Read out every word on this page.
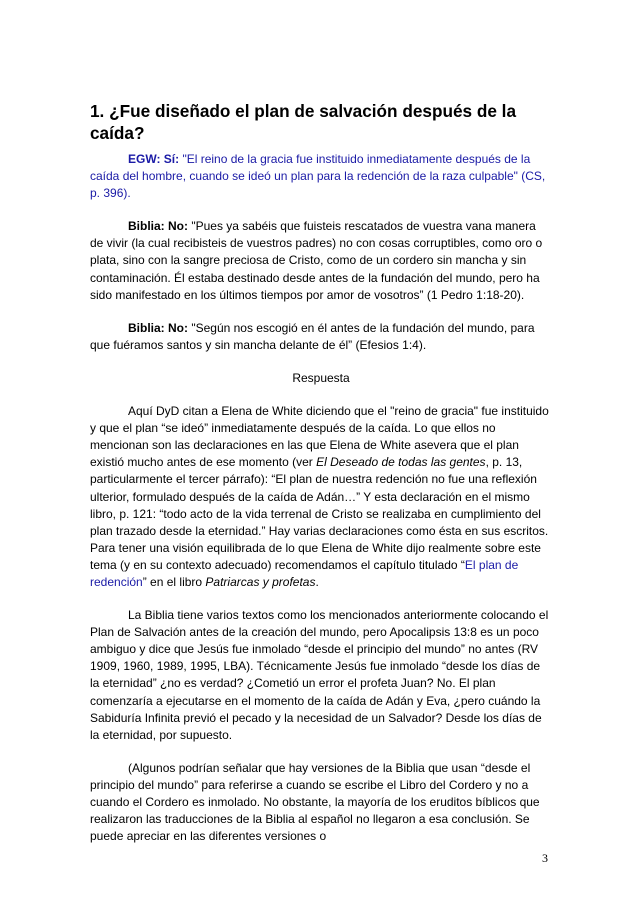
1. ¿Fue diseñado el plan de salvación después de la caída?

EGW: Sí: "El reino de la gracia fue instituido inmediatamente después de la caída del hombre, cuando se ideó un plan para la redención de la raza culpable" (CS, p. 396).

Biblia: No: "Pues ya sabéis que fuisteis rescatados de vuestra vana manera de vivir (la cual recibisteis de vuestros padres) no con cosas corruptibles, como oro o plata, sino con la sangre preciosa de Cristo, como de un cordero sin mancha y sin contaminación. Él estaba destinado desde antes de la fundación del mundo, pero ha sido manifestado en los últimos tiempos por amor de vosotros” (1 Pedro 1:18-20).

Biblia: No: "Según nos escogió en él antes de la fundación del mundo, para que fuéramos santos y sin mancha delante de él” (Efesios 1:4).

Respuesta

Aquí DyD citan a Elena de White diciendo que el "reino de gracia" fue instituido y que el plan “se ideó” inmediatamente después de la caída. Lo que ellos no mencionan son las declaraciones en las que Elena de White asevera que el plan existió mucho antes de ese momento (ver El Deseado de todas las gentes, p. 13, particularmente el tercer párrafo): “El plan de nuestra redención no fue una reflexión ulterior, formulado después de la caída de Adán…” Y esta declaración en el mismo libro, p. 121: “todo acto de la vida terrenal de Cristo se realizaba en cumplimiento del plan trazado desde la eternidad.” Hay varias declaraciones como ésta en sus escritos. Para tener una visión equilibrada de lo que Elena de White dijo realmente sobre este tema (y en su contexto adecuado) recomendamos el capítulo titulado “El plan de redención” en el libro Patriarcas y profetas.

La Biblia tiene varios textos como los mencionados anteriormente colocando el Plan de Salvación antes de la creación del mundo, pero Apocalipsis 13:8 es un poco ambiguo y dice que Jesús fue inmolado “desde el principio del mundo” no antes (RV 1909, 1960, 1989, 1995, LBA). Técnicamente Jesús fue inmolado “desde los días de la eternidad” ¿no es verdad? ¿Cometió un error el profeta Juan? No. El plan comenzaría a ejecutarse en el momento de la caída de Adán y Eva, ¿pero cuándo la Sabiduría Infinita previó el pecado y la necesidad de un Salvador? Desde los días de la eternidad, por supuesto.

(Algunos podrían señalar que hay versiones de la Biblia que usan “desde el principio del mundo” para referirse a cuando se escribe el Libro del Cordero y no a cuando el Cordero es inmolado. No obstante, la mayoría de los eruditos bíblicos que realizaron las traducciones de la Biblia al español no llegaron a esa conclusión. Se puede apreciar en las diferentes versiones o

3
